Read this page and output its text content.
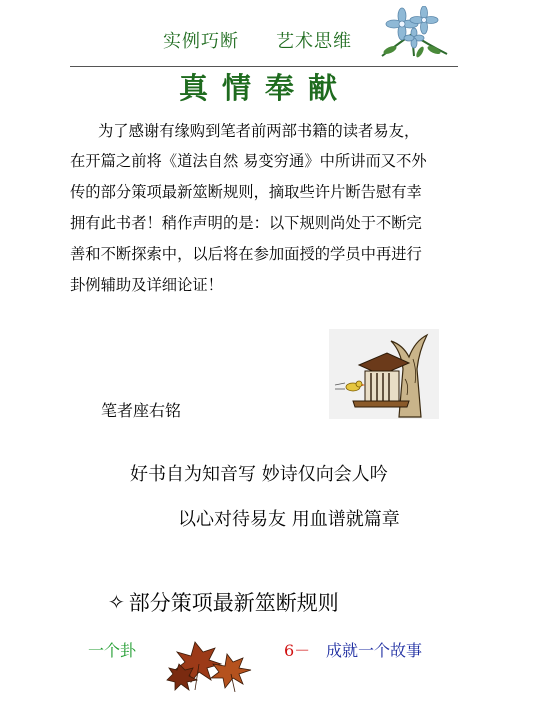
实例巧断 艺术思维
真情奉献
为了感谢有缘购到笔者前两部书籍的读者易友，
在开篇之前将《道法自然 易变穷通》中所讲而又不外
传的部分策项最新筮断规则，摘取些许片断告慰有幸
拥有此书者！稍作声明的是：以下规则尚处于不断完
善和不断探索中，以后将在参加面授的学员中再进行
卦例辅助及详细论证！
笔者座右铭
好书自为知音写 妙诗仅向会人吟
以心对待易友 用血谱就篇章
✧ 部分策项最新筮断规则
一个卦	6－ 成就一个故事
